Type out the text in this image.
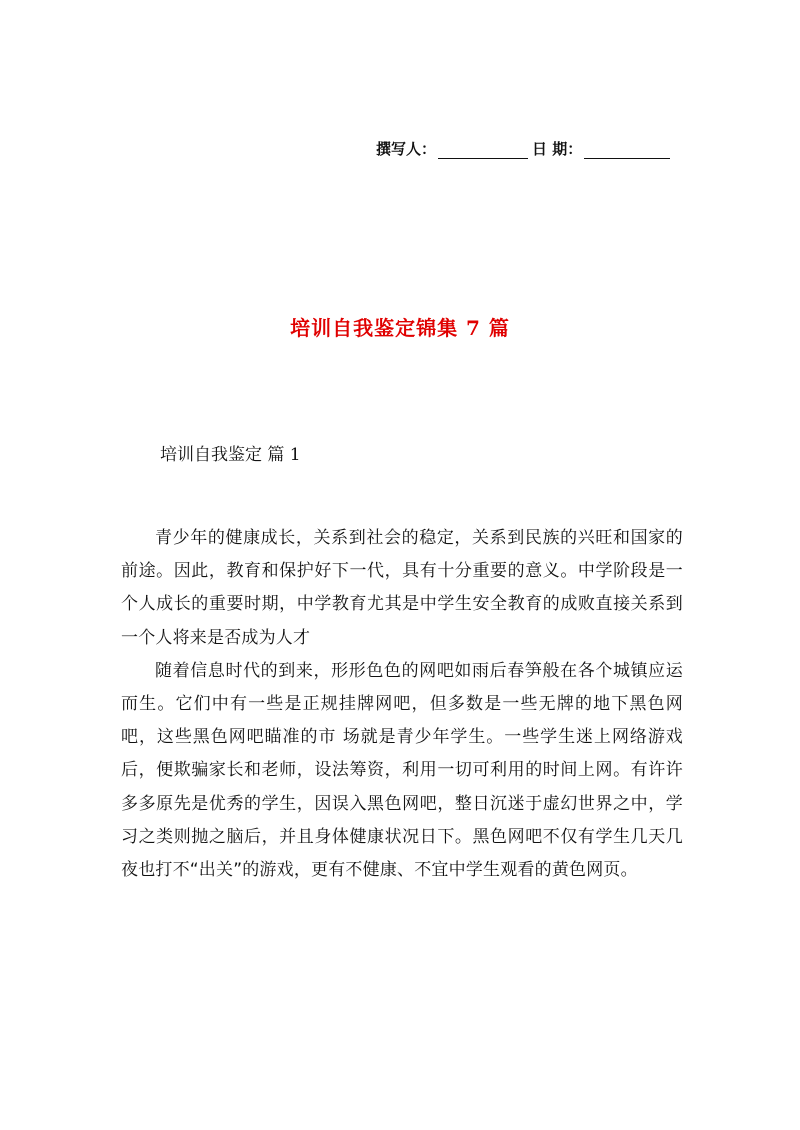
撰写人：	日 期：
培训自我鉴定锦集 7 篇
培训自我鉴定 篇 1

青少年的健康成长，关系到社会的稳定，关系到民族的兴旺和国家的前途。因此，教育和保护好下一代，具有十分重要的意义。中学阶段是一个人成长的重要时期，中学教育尤其是中学生安全教育的成败直接关系到一个人将来是否成为人才

随着信息时代的到来，形形色色的网吧如雨后春笋般在各个城镇应运而生。它们中有一些是正规挂牌网吧，但多数是一些无牌的地下黑色网吧，这些黑色网吧瞄准的市 场就是青少年学生。一些学生迷上网络游戏后，便欺骗家长和老师，设法筹资，利用一切可利用的时间上网。有许许多多原先是优秀的学生，因误入黑色网吧，整日沉迷于虚幻世界之中，学习之类则抛之脑后，并且身体健康状况日下。黑色网吧不仅有学生几天几夜也打不“出关”的游戏，更有不健康、不宜中学生观看的黄色网页。
